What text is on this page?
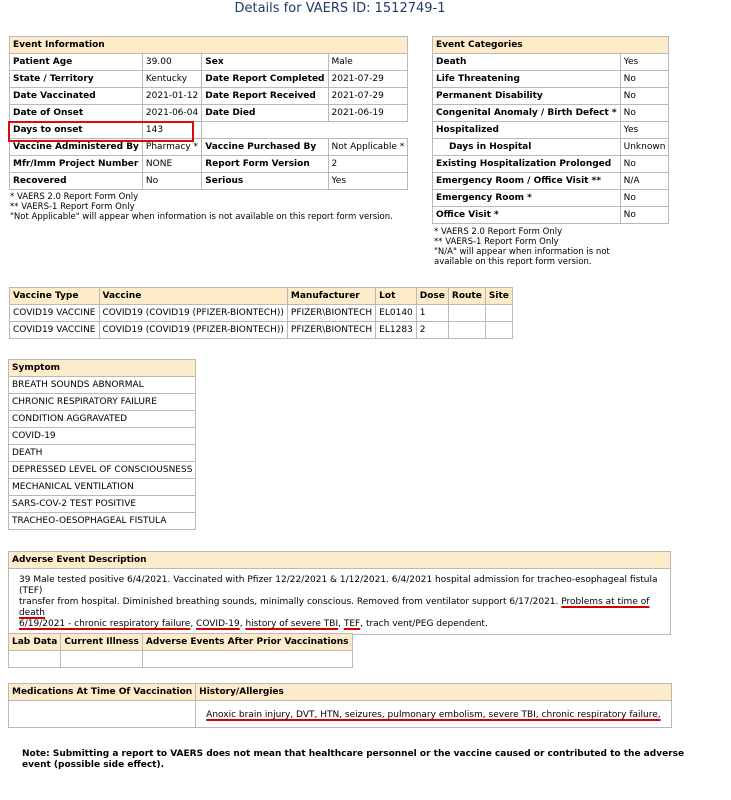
Details for VAERS ID: 1512749-1
Event Information			
Patient Age	39.00	Sex	Male
State / Territory	Kentucky	Date Report Completed	2021-07-29
Date Vaccinated	2021-01-12	Date Report Received	2021-07-29
Date of Onset	2021-06-04	Date Died	2021-06-19
Days to onset	143		
Vaccine Administered By	Pharmacy *	Vaccine Purchased By	Not Applicable *
Mfr/Imm Project Number	NONE	Report Form Version	2
Recovered	No	Serious	Yes
* VAERS 2.0 Report Form Only
** VAERS-1 Report Form Only
"Not Applicable" will appear when information is not available on this report form version.
Event Categories	
Death	Yes
Life Threatening	No
Permanent Disability	No
Congenital Anomaly / Birth Defect *	No
Hospitalized	Yes
Days in Hospital	Unknown
Existing Hospitalization Prolonged	No
Emergency Room / Office Visit **	N/A
Emergency Room *	No
Office Visit *	No
* VAERS 2.0 Report Form Only
** VAERS-1 Report Form Only
"N/A" will appear when information is not
available on this report form version.
Vaccine Type	Vaccine	Manufacturer	Lot	Dose	Route	Site
COVID19 VACCINE	COVID19 (COVID19 (PFIZER-BIONTECH))	PFIZER\BIONTECH	EL0140	1		
COVID19 VACCINE	COVID19 (COVID19 (PFIZER-BIONTECH))	PFIZER\BIONTECH	EL1283	2		
Symptom
BREATH SOUNDS ABNORMAL
CHRONIC RESPIRATORY FAILURE
CONDITION AGGRAVATED
COVID-19
DEATH
DEPRESSED LEVEL OF CONSCIOUSNESS
MECHANICAL VENTILATION
SARS-COV-2 TEST POSITIVE
TRACHEO-OESOPHAGEAL FISTULA
Adverse Event Description

39 Male tested positive 6/4/2021. Vaccinated with Pfizer 12/22/2021 & 1/12/2021. 6/4/2021 hospital admission for tracheo-esophageal fistula (TEF)
transfer from hospital. Diminished breathing sounds, minimally conscious. Removed from ventilator support 6/17/2021. Problems at time of death
6/19/2021 - chronic respiratory failure, COVID-19, history of severe TBI, TEF, trach vent/PEG dependent.
Lab Data	Current Illness	Adverse Events After Prior Vaccinations

Medications At Time Of Vaccination	History/Allergies
	Anoxic brain injury, DVT, HTN, seizures, pulmonary embolism, severe TBI, chronic respiratory failure,
Note: Submitting a report to VAERS does not mean that healthcare personnel or the vaccine caused or contributed to the adverse event (possible side effect).
